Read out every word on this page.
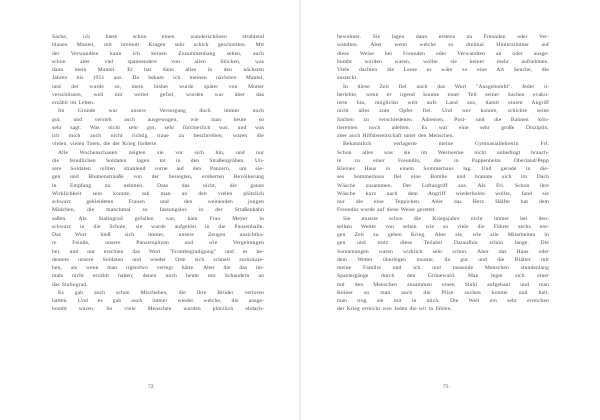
Sache, ich hatte schon einen wunderschönen strahlend
blauen Mantel, mit breitem Kragen sehr schick geschnitten. Mit
der Verwandten kann ich keinen Zusammenhang sehen, auch
schon aber viel spannendere von allen Stücken, was
dann mein Mantel. Er hat dann alles in den nächsten
Jahren bis 1951 aus. Da bekam ich meinen nächsten Mantel,
und der wurde so, mein bisher wurde später von Mutter
verschlissen, weil mir weiter gefiel, worden war über das
erzählt im Leben.
Im Grunde war unsere Versorgung doch immer noch
gut, und versteh auch ausgewogen, wie man heute so
sehr sagt. Was nicht sehr gut, sehr fürchterlich war, und was
ich mich auch nicht richtig traue zu beschreiben, waren die
vielen, vielen Toten, die der Krieg forderte.
Alle Wochenschauen zeigten sie vor sich hin, und nur
die feindlichen Soldaten lagen tot in den Straßengräben. Un-
sere Soldaten rollten strahlend vorne auf den Panzern, um sie-
gen und Blumensträuße von der besiegten, eroberten Bevölkerung
in Empfang zu nehmen. Dass das nicht, die ganze
Wirklichkeit sein konnte, sah man an den vielen plötzlich
schwarz gekleideten Frauen und den weinenden jungen
Mädchen, die manchmal so fassungslos in der Straßenbahn
saßen. Als Stalingrad gefallen war, kam Frau Meyer in
schwarz in die Schule, sie wurde aufgelöst in die Pausenhalle.
Das Wort hieß sich immer, unsere Zeugen unsichtba-
re Feinde, unsere Panzerspitzen und wie Vergeltungen
bei, und nur erschien das Wort "Frontbegradigung" und es be-
deutete unsere Soldaten und wieder Orte sich schnell zurückzie-
hen, als wenn man irgendwo verlegt hätte. Aber die das im-
mals nicht erzählt haben, denen noch heute mit Schaudern an
das Stalingrad.
Es gab auch schon Mischehen, die Ihre Brüder verloren
hatten. Und es gab auch immer wieder welche, die ausge-
bombt waren. So viele Menschen wurden plötzlich obdach-
72
bewohner. Sie lagen dann erstens zu Freunden oder Ver-
wandten. Aber wenn welche so dreimal Hinterzimmer auf
diese Weise bei Freunden oder Verwandten an oder ausge-
bombt worden waren, wollte sie keiner mehr aufnehmen.
Viele dachten die Leute es wäre so eine Art Seuche, die
ansteckt.
In diese Zeit fiel auch das Wort "Ausgebombt". Jeder ü-
berlebte, wenn er irgend konnte einer Teil seiner Sachen evaku-
ierte hin, möglichst weit aufs Land aus, damit einem Angriff
nicht alles zum Opfer fiel. Und wer konnte, schickte seine
Sachen zu verschiedenen Adressen, Post- und die Bahnen kön-
tierenten noch adelten. Es war eine sehr große Disziplin,
aber auch Hilfsbereitschaft unter den Menschen.
Bekanntlich verlagerte meine Gymnasiallehrerin Frl.
Schon alles was sie im Westwerke nicht unbedingt brauch-
te zu einer Freundin, die in Pappenheim Oberland/Pepp
Kleines Haus in einem Sommerhaus lag. Und gerade in die-
ses Sommerhaus fiel eine Bombe und brannte sich im Dach
Wäsche zusammen. Der Luftangriff aus. Als Frl. Schon ihre
Wäsche kurz nach dem Angriff wiederholen wollte, fand sie
nur die eine Teppichen. Aber das Herz Hälfte hat dem
Freundin wurde auf diese Weise gerettet.
Sie musste schon die Kriegsjahre nicht immer bei den-
selben Wetter von selten wie so viele die Führer sechs ent-
gen Zeit zu gehen Krieg. Aber sie, wie alle Mitarbeiten in
gen und trotz diese Teilabst Daraufhin schon lange. Die
Sonnenungen waren wirklich sehr schon. Aber das Haus oder
dem Wetter überlegen musste, da gut und die Blätter mit
meine Familie und ich und tausende Menschen stundenlang
Spaziergänge durch den Grünewald. Man legte sich einer
mit den Menschen zusammen einen Stuhl aufgebaut und man
Keiner so man auch die Pilze suchen konnte und halt,
man trug sie mit in mich. Die Welt ein sehr erreichen
der Krieg erreicht wen Jeden die wir in fühlen.
73
